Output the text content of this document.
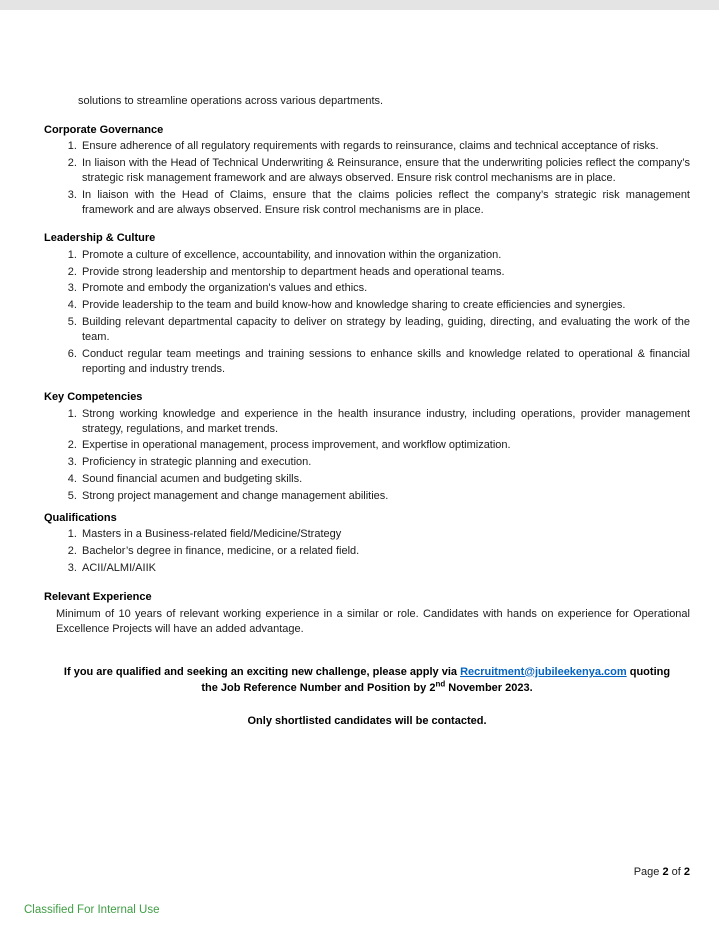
solutions to streamline operations across various departments.

Corporate Governance
1. Ensure adherence of all regulatory requirements with regards to reinsurance, claims and technical acceptance of risks.
2. In liaison with the Head of Technical Underwriting & Reinsurance, ensure that the underwriting policies reflect the company’s strategic risk management framework and are always observed. Ensure risk control mechanisms are in place.
3. In liaison with the Head of Claims, ensure that the claims policies reflect the company’s strategic risk management framework and are always observed. Ensure risk control mechanisms are in place.
Leadership & Culture
1. Promote a culture of excellence, accountability, and innovation within the organization.
2. Provide strong leadership and mentorship to department heads and operational teams.
3. Promote and embody the organization's values and ethics.
4. Provide leadership to the team and build know-how and knowledge sharing to create efficiencies and synergies.
5. Building relevant departmental capacity to deliver on strategy by leading, guiding, directing, and evaluating the work of the team.
6. Conduct regular team meetings and training sessions to enhance skills and knowledge related to operational & financial reporting and industry trends.
Key Competencies
1. Strong working knowledge and experience in the health insurance industry, including operations, provider management strategy, regulations, and market trends.
2. Expertise in operational management, process improvement, and workflow optimization.
3. Proficiency in strategic planning and execution.
4. Sound financial acumen and budgeting skills.
5. Strong project management and change management abilities.
Qualifications
1. Masters in a Business-related field/Medicine/Strategy
2. Bachelor’s degree in finance, medicine, or a related field.
3. ACII/ALMI/AIIK
Relevant Experience

Minimum of 10 years of relevant working experience in a similar or role. Candidates with hands on experience for Operational Excellence Projects will have an added advantage.

If you are qualified and seeking an exciting new challenge, please apply via Recruitment@jubileekenya.com quoting
the Job Reference Number and Position by 2nd November 2023.

Only shortlisted candidates will be contacted.

Page 2 of 2
Classified For Internal Use
